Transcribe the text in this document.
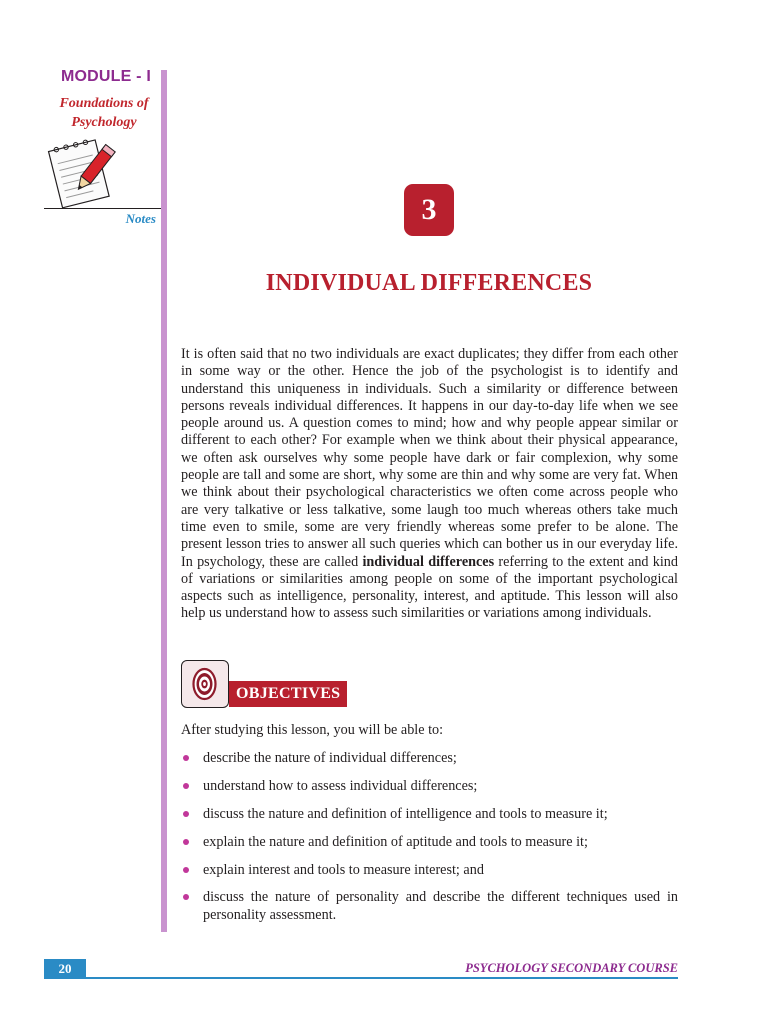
MODULE - I
Foundations of
Psychology
Notes	3
INDIVIDUAL DIFFERENCES

It is often said that no two individuals are exact duplicates; they differ from each other in some way or the other. Hence the job of the psychologist is to identify and understand this uniqueness in individuals. Such a similarity or difference between persons reveals individual differences. It happens in our day-to-day life when we see people around us. A question comes to mind; how and why people appear similar or different to each other? For example when we think about their physical appearance, we often ask ourselves why some people have dark or fair complexion, why some people are tall and some are short, why some are thin and why some are very fat. When we think about their psychological characteristics we often come across people who are very talkative or less talkative, some laugh too much whereas others take much time even to smile, some are very friendly whereas some prefer to be alone. The present lesson tries to answer all such queries which can bother us in our everyday life. In psychology, these are called individual differences referring to the extent and kind of variations or similarities among people on some of the important psychological aspects such as intelligence, personality, interest, and aptitude. This lesson will also help us understand how to assess such similarities or variations among individuals.

OBJECTIVES
After studying this lesson, you will be able to:
describe the nature of individual differences;
understand how to assess individual differences;
discuss the nature and definition of intelligence and tools to measure it;
explain the nature and definition of aptitude and tools to measure it;
explain interest and tools to measure interest; and
discuss the nature of personality and describe the different techniques used in personality assessment.
20	PSYCHOLOGY SECONDARY COURSE
